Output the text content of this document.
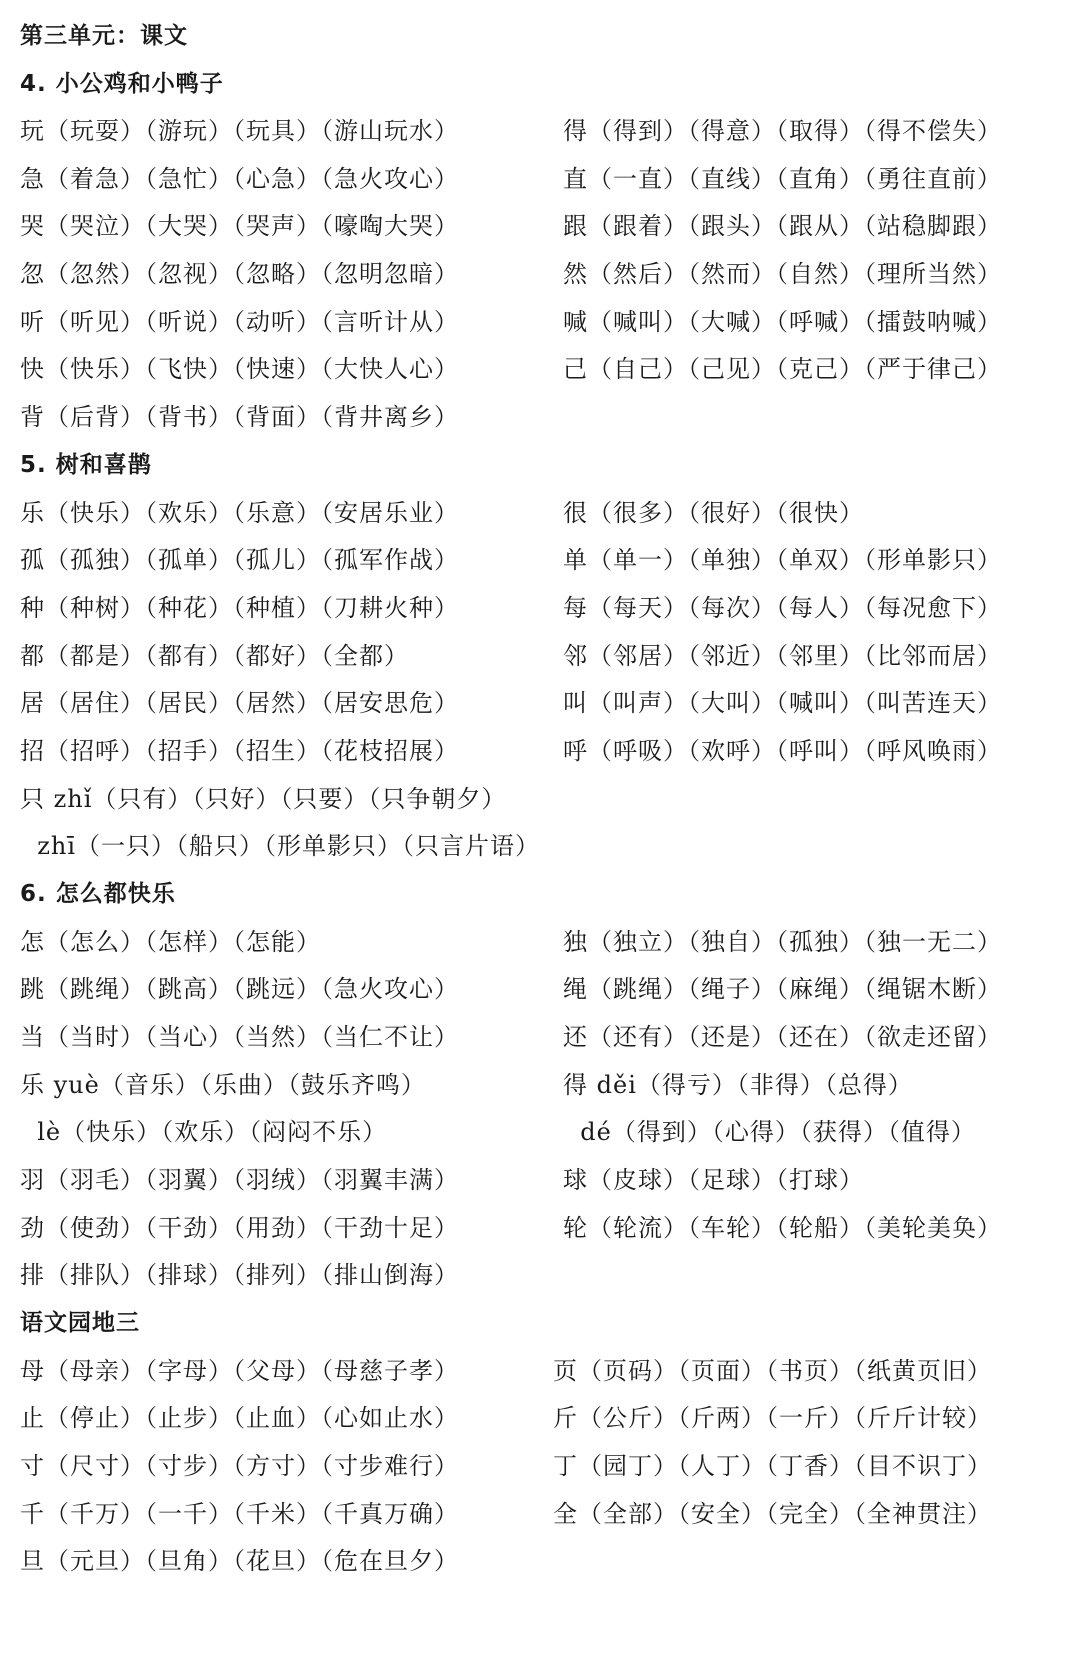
第三单元：课文
4. 小公鸡和小鸭子
玩（玩耍）（游玩）（玩具）（游山玩水）
急（着急）（急忙）（心急）（急火攻心）
哭（哭泣）（大哭）（哭声）（嚎啕大哭）
忽（忽然）（忽视）（忽略）（忽明忽暗）
听（听见）（听说）（动听）（言听计从）
快（快乐）（飞快）（快速）（大快人心）
背（后背）（背书）（背面）（背井离乡）
得（得到）（得意）（取得）（得不偿失）
直（一直）（直线）（直角）（勇往直前）
跟（跟着）（跟头）（跟从）（站稳脚跟）
然（然后）（然而）（自然）（理所当然）
喊（喊叫）（大喊）（呼喊）（擂鼓呐喊）
己（自己）（己见）（克己）（严于律己）
5. 树和喜鹊
乐（快乐）（欢乐）（乐意）（安居乐业）
孤（孤独）（孤单）（孤儿）（孤军作战）
种（种树）（种花）（种植）（刀耕火种）
都（都是）（都有）（都好）（全都）
居（居住）（居民）（居然）（居安思危）
招（招呼）（招手）（招生）（花枝招展）
只 zhǐ（只有）（只好）（只要）（只争朝夕）
zhī（一只）（船只）（形单影只）（只言片语）
很（很多）（很好）（很快）
单（单一）（单独）（单双）（形单影只）
每（每天）（每次）（每人）（每况愈下）
邻（邻居）（邻近）（邻里）（比邻而居）
叫（叫声）（大叫）（喊叫）（叫苦连天）
呼（呼吸）（欢呼）（呼叫）（呼风唤雨）
6. 怎么都快乐
怎（怎么）（怎样）（怎能）
跳（跳绳）（跳高）（跳远）（急火攻心）
当（当时）（当心）（当然）（当仁不让）
乐 yuè（音乐）（乐曲）（鼓乐齐鸣）
lè（快乐）（欢乐）（闷闷不乐）
羽（羽毛）（羽翼）（羽绒）（羽翼丰满）
劲（使劲）（干劲）（用劲）（干劲十足）
排（排队）（排球）（排列）（排山倒海）
独（独立）（独自）（孤独）（独一无二）
绳（跳绳）（绳子）（麻绳）（绳锯木断）
还（还有）（还是）（还在）（欲走还留）
得 děi（得亏）（非得）（总得）
dé（得到）（心得）（获得）（值得）
球（皮球）（足球）（打球）
轮（轮流）（车轮）（轮船）（美轮美奂）
语文园地三
母（母亲）（字母）（父母）（母慈子孝）
止（停止）（止步）（止血）（心如止水）
寸（尺寸）（寸步）（方寸）（寸步难行）
千（千万）（一千）（千米）（千真万确）
旦（元旦）（旦角）（花旦）（危在旦夕）
页（页码）（页面）（书页）（纸黄页旧）
斤（公斤）（斤两）（一斤）（斤斤计较）
丁（园丁）（人丁）（丁香）（目不识丁）
全（全部）（安全）（完全）（全神贯注）
